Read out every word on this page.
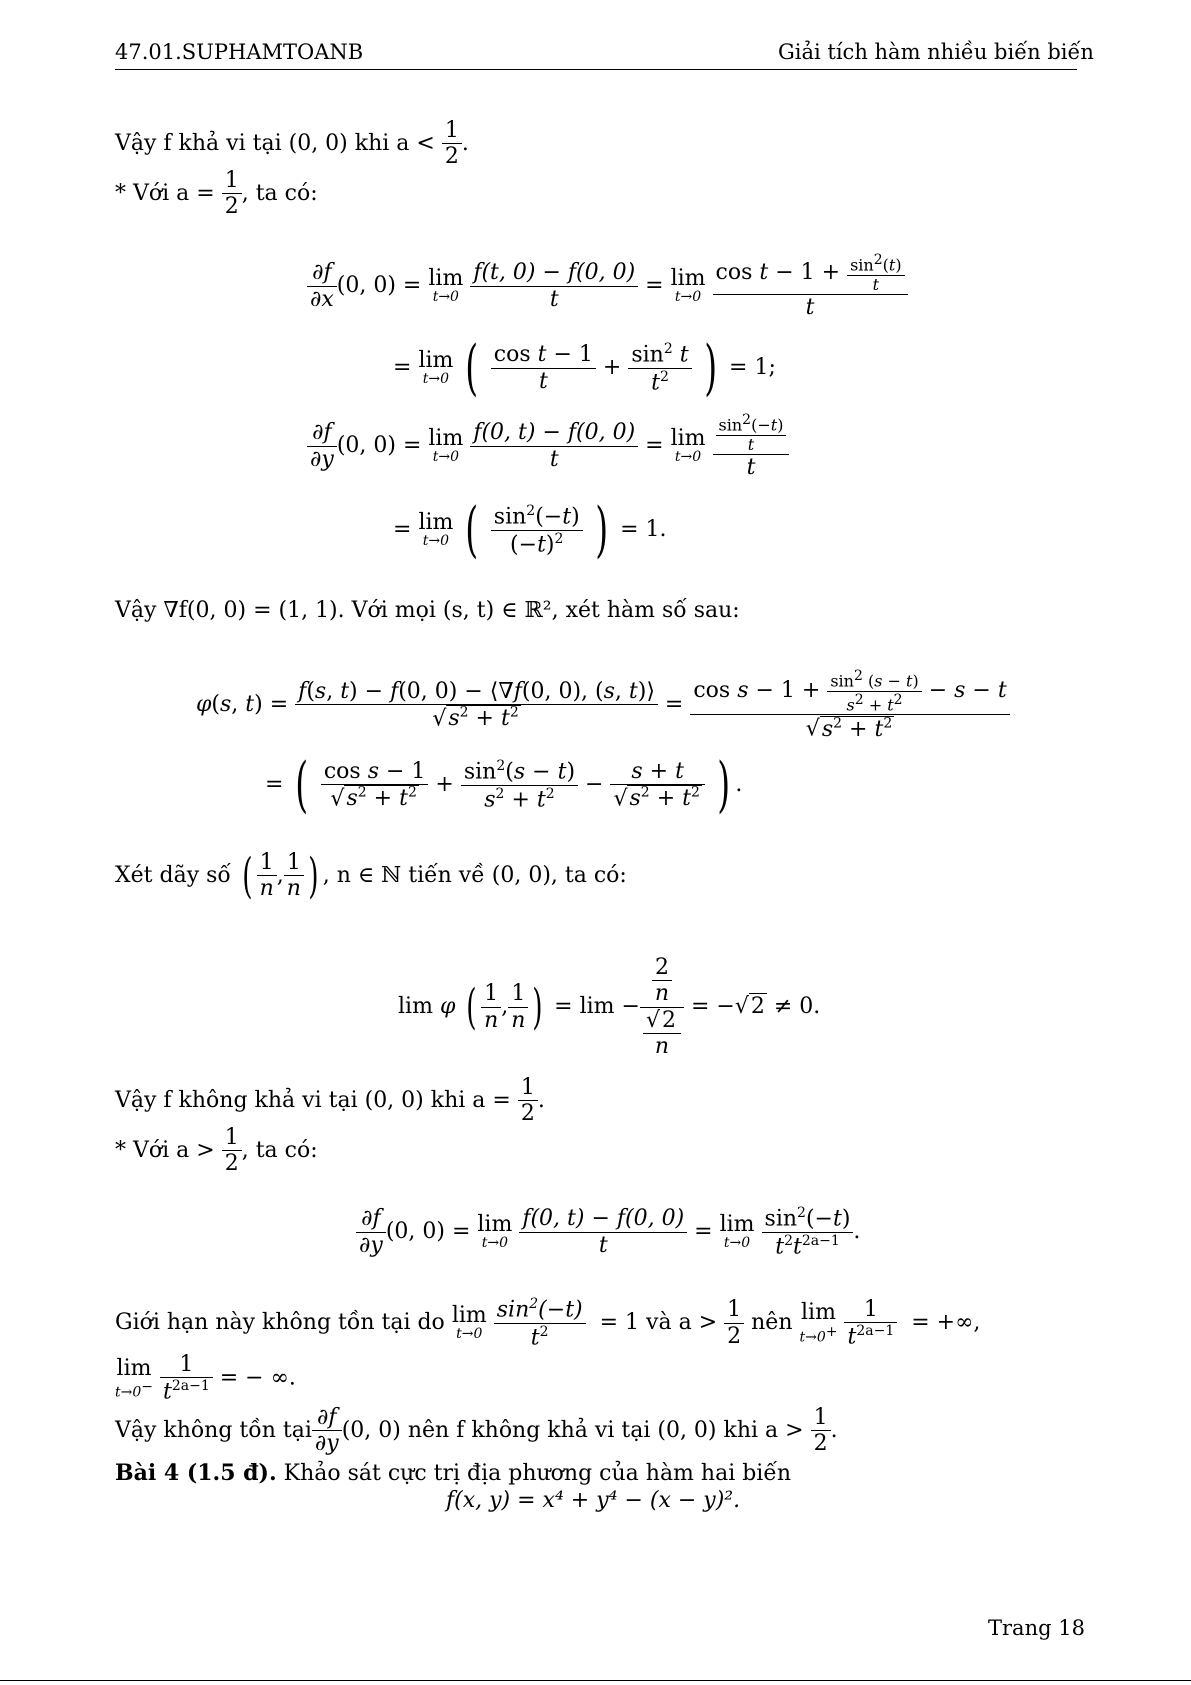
47.01.SUPHAMTOANB	Giải tích hàm nhiều biến biến
Vậy f khả vi tại (0, 0) khi $a < \frac{1}{2}$ .
* Với $a = \frac{1}{2}$ , ta có:
$\frac{\partial f}{\partial x} (0$, 0) = lim
t→0
$\frac{f(t, 0) - f(0, 0)}{t} = \lim$
t→0
$\frac{\cos t - 1 + \frac{\sin 2(t)}{t}}{t}$
= lim
t→0 ( $\frac{\text{cos t − 1}}{t} + \frac{\sin^2 t}{t^2}$ ) = 1;
$\frac{\partial f}{\partial y} (0$, 0) = lim
t→0
$\frac{f(0, t) - f(0, 0)}{t} = \lim$
t→0
$\frac{\frac{\sin 2(-t)}{t}}{t}$
= lim
t→0 ( $\frac{\sin^2(-t)}{(-t)^2}$ ) = 1.
Vậy ∇f(0, 0) = (1, 1). Với mọi (s, t) ∈ ℝ², xét hàm số sau:
φ(s, $t) = \frac{f(s, t) - f(0, 0) - ⟨\nabla f(0, 0), (s, t)⟩}{√s^2 + t^2} = \frac{\cos s - 1 + \frac{\sin 2 (s - t)}{s2 + t2} - s - t}{√s^2 + t^2}$
= ( $\frac{\text{cos s − 1}}{√s^2 + t^2} + \frac{\sin^2(s - t)}{s^2 + t^2} - \frac{s + t}{√s^2 + t^2}$ ) .
Xét dãy số ( $\frac{1}{n}$ , $\frac{1}{n}$ ) , n ∈ ℕ tiến về (0, 0), ta có:
lim φ ( $\frac{1}{n}$ , $\frac{1}{n}$ ) = $\lim - \frac{\frac{2}{n}}{\frac{√2}{n}} = -√2 \ne 0$.
Vậy f không khả vi tại (0, 0) khi $a = \frac{1}{2}$ .
* Với $a > \frac{1}{2}$ , ta có:
$\frac{\partial f}{\partial y} (0$, 0) = lim
t→0
$\frac{f(0, t) - f(0, 0)}{t} = \lim$
t→0
$\frac{\sin^2(-t)}{t^2t^{2a-1}}$ .
Giới hạn này không tồn tại do lim
t→0
$\frac{\sin^2(-t)}{t^2} = 1$ và $a > \frac{1}{2}$ nên lim
t→0+
$\frac{1}{t^{2a-1}}$ = +∞,
lim
t→0−
$\frac{1}{t^{2a-1}}$ = − ∞.
Vậy không tồn tại $\frac{\partial f}{\partial y} (0$, 0) nên f không khả vi tại (0, 0) khi $a > \frac{1}{2}$ .
Bài 4 (1.5 đ). Khảo sát cực trị địa phương của hàm hai biến
f(x, y) = x⁴ + y⁴ − (x − y)².
Trang 18
